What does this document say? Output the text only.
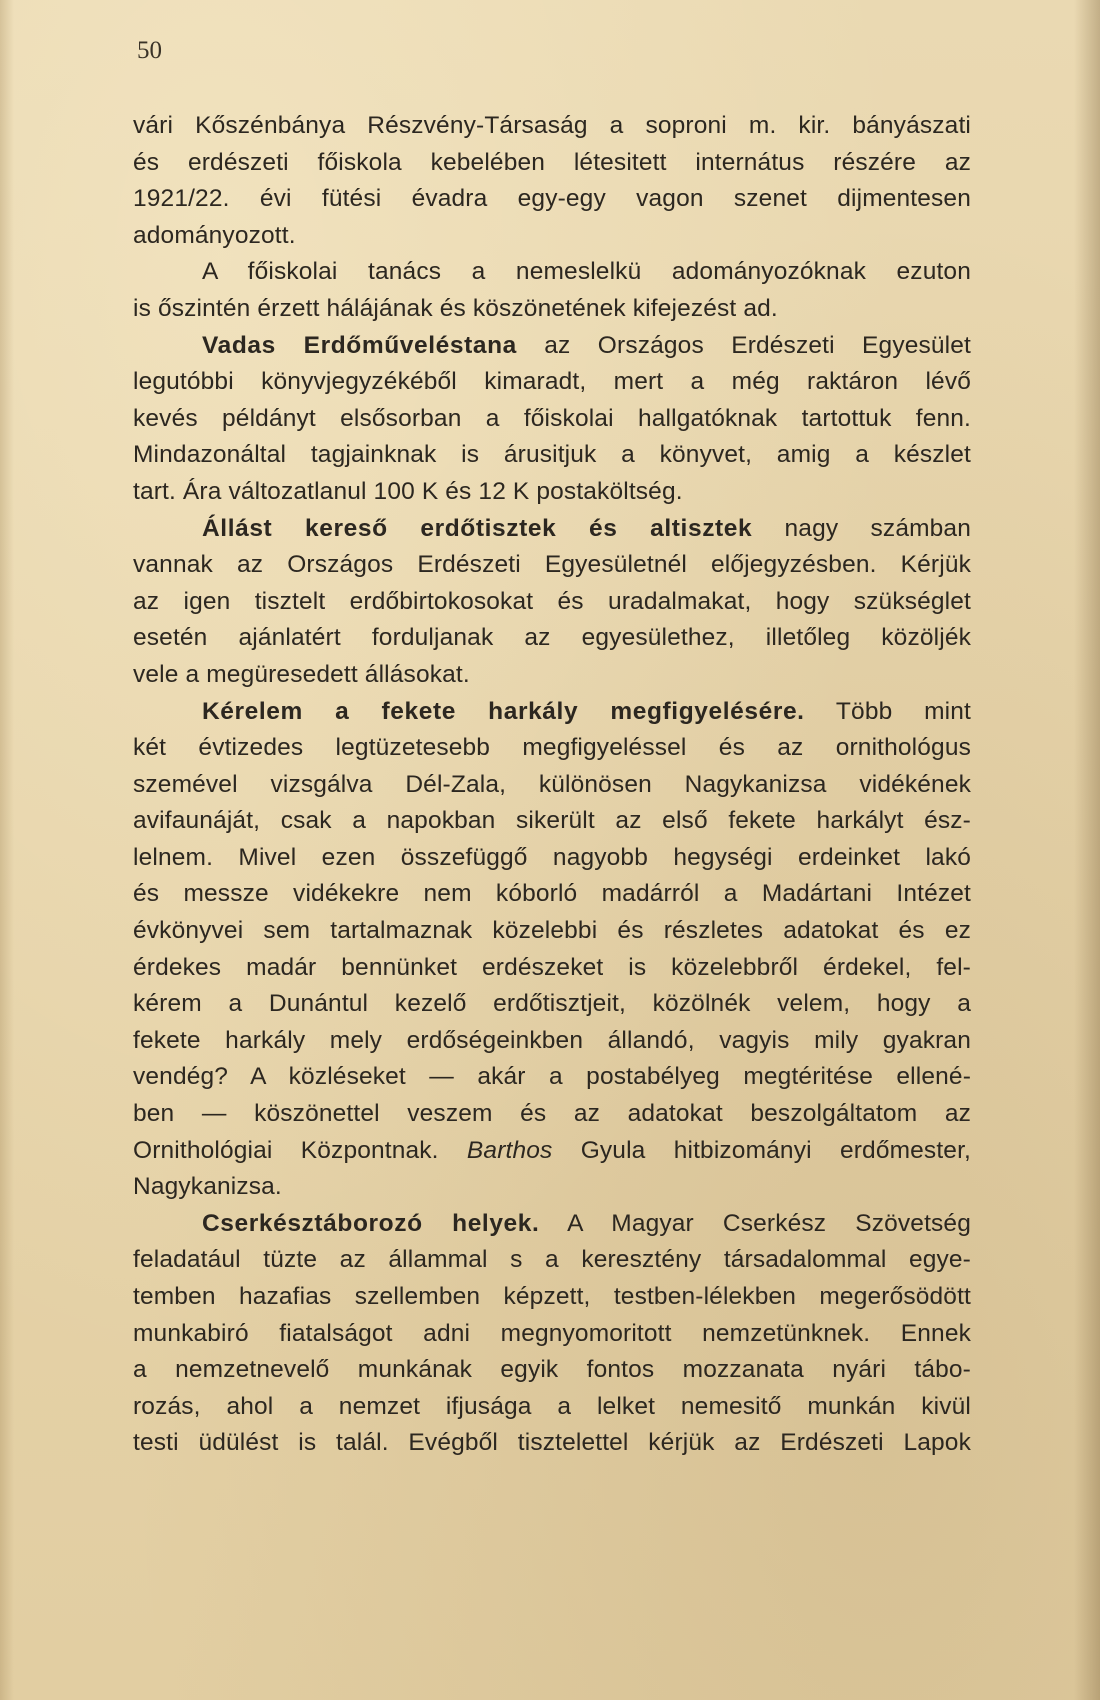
50
vári Kőszénbánya Részvény-Társaság a soproni m. kir. bányászati
és erdészeti főiskola kebelében létesitett internátus részére az
1921/22. évi fütési évadra egy-egy vagon szenet dijmentesen
adományozott.
A főiskolai tanács a nemeslelkü adományozóknak ezuton
is őszintén érzett hálájának és köszönetének kifejezést ad.
Vadas Erdőműveléstana az Országos Erdészeti Egyesület
legutóbbi könyvjegyzékéből kimaradt, mert a még raktáron lévő
kevés példányt elsősorban a főiskolai hallgatóknak tartottuk fenn.
Mindazonáltal tagjainknak is árusitjuk a könyvet, amig a készlet
tart. Ára változatlanul 100 K és 12 K postaköltség.
Állást kereső erdőtisztek és altisztek nagy számban
vannak az Országos Erdészeti Egyesületnél előjegyzésben. Kérjük
az igen tisztelt erdőbirtokosokat és uradalmakat, hogy szükséglet
esetén ajánlatért forduljanak az egyesülethez, illetőleg közöljék
vele a megüresedett állásokat.
Kérelem a fekete harkály megfigyelésére. Több mint
két évtizedes legtüzetesebb megfigyeléssel és az ornithológus
szemével vizsgálva Dél-Zala, különösen Nagykanizsa vidékének
avifaunáját, csak a napokban sikerült az első fekete harkályt ész-
lelnem. Mivel ezen összefüggő nagyobb hegységi erdeinket lakó
és messze vidékekre nem kóborló madárról a Madártani Intézet
évkönyvei sem tartalmaznak közelebbi és részletes adatokat és ez
érdekes madár bennünket erdészeket is közelebbről érdekel, fel-
kérem a Dunántul kezelő erdőtisztjeit, közölnék velem, hogy a
fekete harkály mely erdőségeinkben állandó, vagyis mily gyakran
vendég? A közléseket — akár a postabélyeg megtéritése ellené-
ben — köszönettel veszem és az adatokat beszolgáltatom az
Ornithológiai Központnak. Barthos Gyula hitbizományi erdőmester,
Nagykanizsa.
Cserkésztáborozó helyek. A Magyar Cserkész Szövetség
feladatául tüzte az állammal s a keresztény társadalommal egye-
temben hazafias szellemben képzett, testben-lélekben megerősödött
munkabiró fiatalságot adni megnyomoritott nemzetünknek. Ennek
a nemzetnevelő munkának egyik fontos mozzanata nyári tábo-
rozás, ahol a nemzet ifjusága a lelket nemesitő munkán kivül
testi üdülést is talál. Evégből tisztelettel kérjük az Erdészeti Lapok
